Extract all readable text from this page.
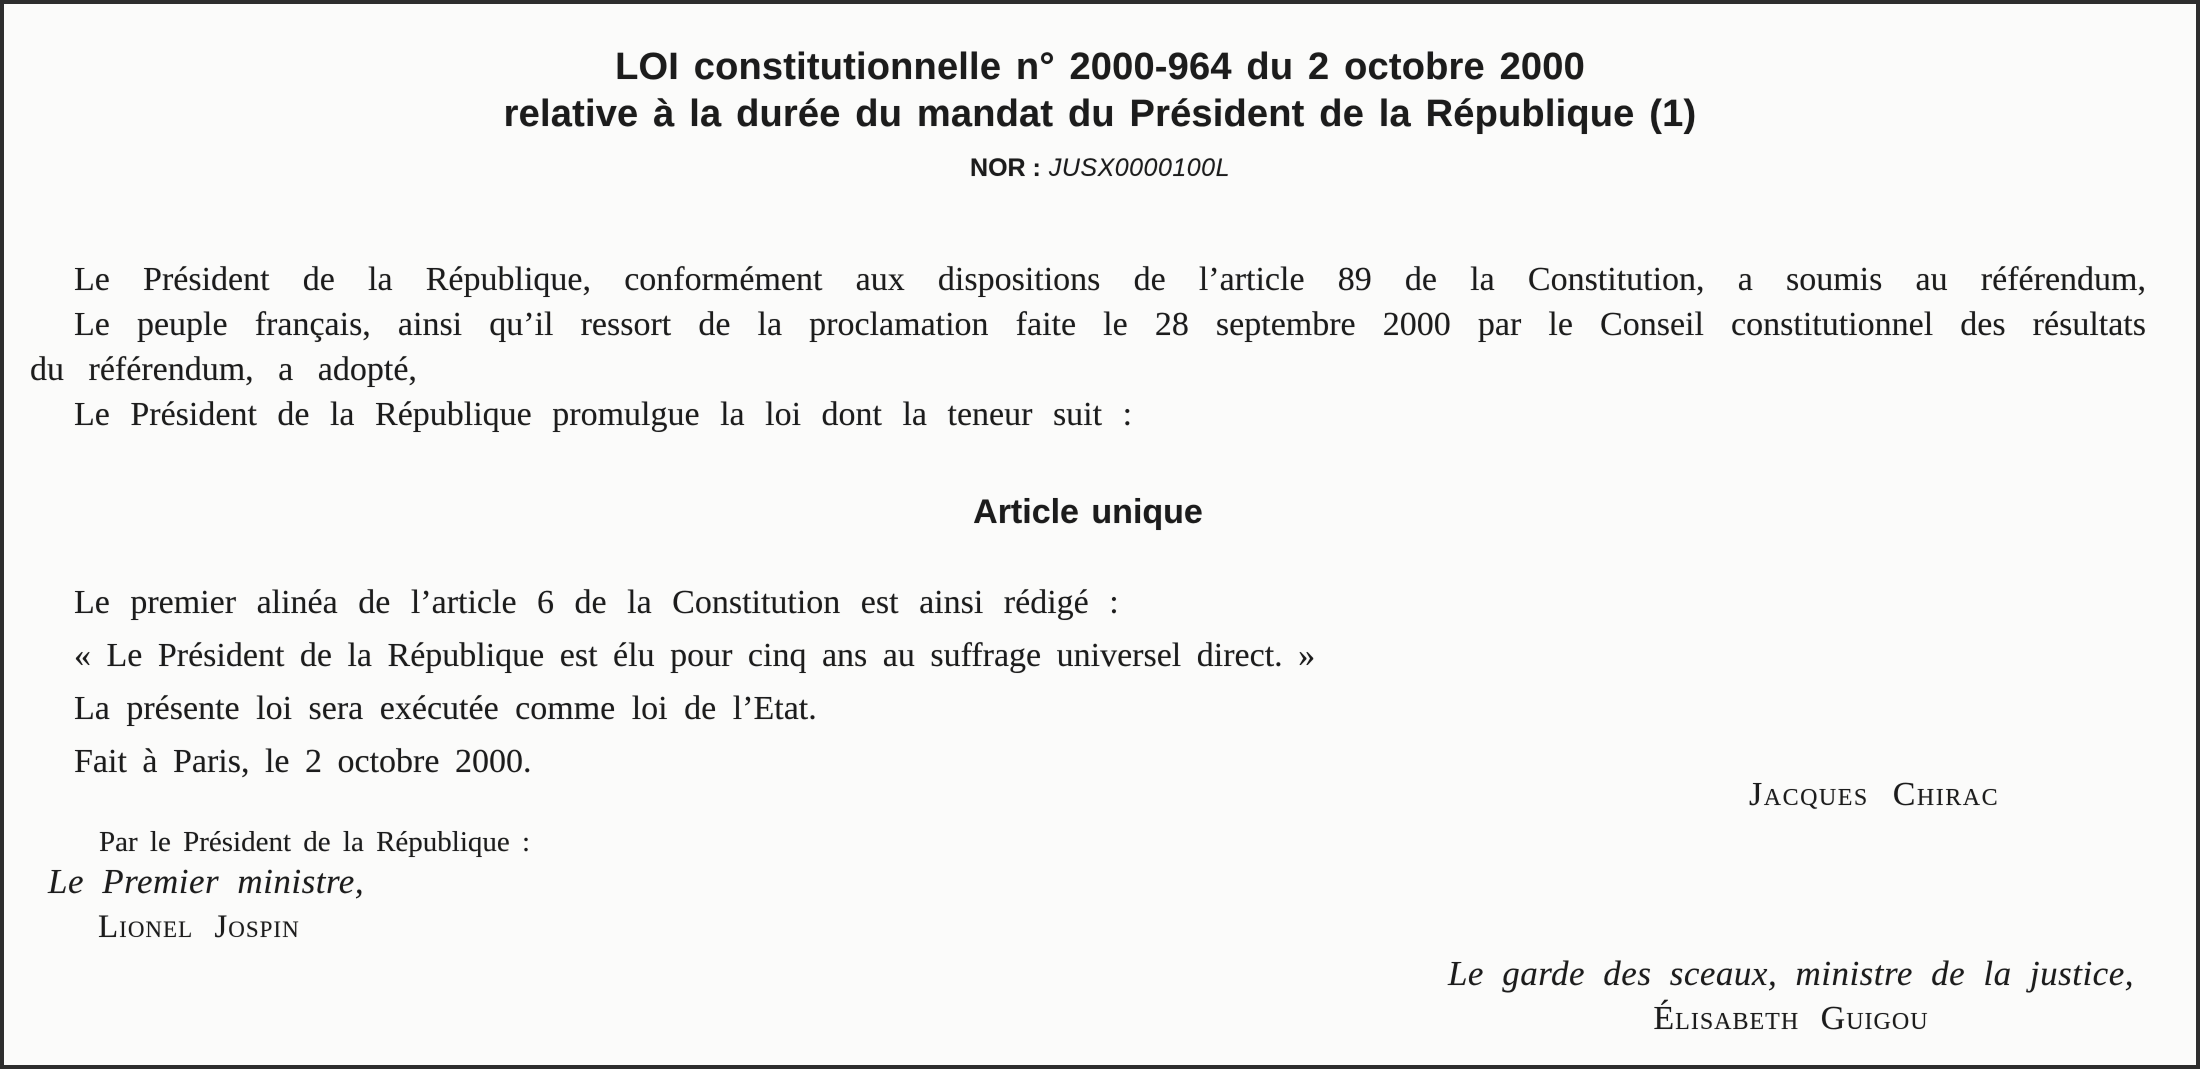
LOI constitutionnelle n° 2000-964 du 2 octobre 2000
relative à la durée du mandat du Président de la République (1)
NOR : JUSX0000100L

Le Président de la République, conformément aux dispositions de l’article 89 de la Constitution, a soumis au référendum,

Le peuple français, ainsi qu’il ressort de la proclamation faite le 28 septembre 2000 par le Conseil constitutionnel des résultats du référendum, a adopté,

Le Président de la République promulgue la loi dont la teneur suit :

Article unique

Le premier alinéa de l’article 6 de la Constitution est ainsi rédigé :

« Le Président de la République est élu pour cinq ans au suffrage universel direct. »

La présente loi sera exécutée comme loi de l’Etat.

Fait à Paris, le 2 octobre 2000.

Jacques Chirac
Par le Président de la République :
Le Premier ministre,
Lionel Jospin
Le garde des sceaux, ministre de la justice,
Élisabeth Guigou
